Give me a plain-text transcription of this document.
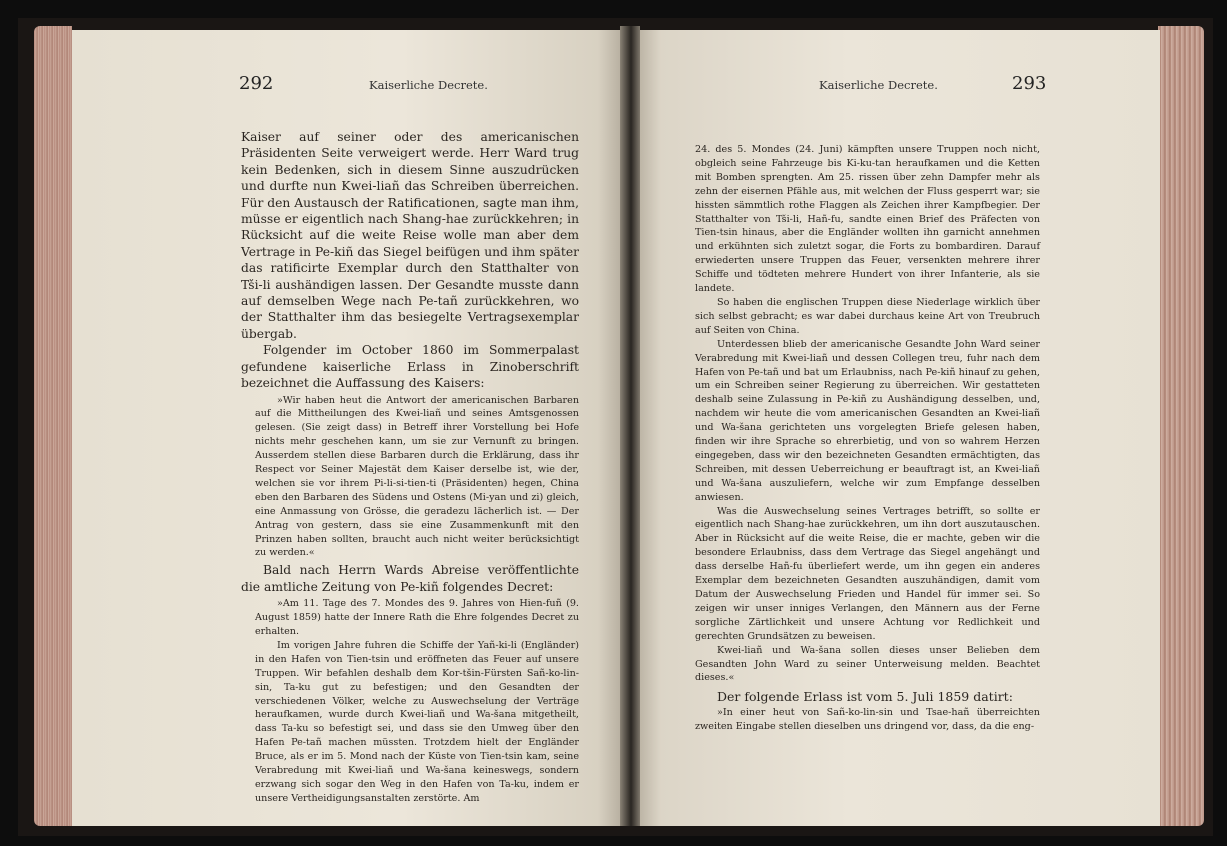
292	Kaiserliche Decrete.

Kaiser auf seiner oder des americanischen Präsidenten Seite verweigert werde. Herr Ward trug kein Bedenken, sich in diesem Sinne auszudrücken und durfte nun Kwei-liañ das Schreiben überreichen. Für den Austausch der Ratificationen, sagte man ihm, müsse er eigentlich nach Shang-hae zurückkehren; in Rücksicht auf die weite Reise wolle man aber dem Vertrage in Pe-kiñ das Siegel beifügen und ihm später das ratificirte Exemplar durch den Statthalter von Tši-li aushändigen lassen. Der Gesandte musste dann auf demselben Wege nach Pe-tañ zurückkehren, wo der Statthalter ihm das besiegelte Vertragsexemplar übergab.

Folgender im October 1860 im Sommerpalast gefundene kaiserliche Erlass in Zinoberschrift bezeichnet die Auffassung des Kaisers:

»Wir haben heut die Antwort der americanischen Barbaren auf die Mittheilungen des Kwei-liañ und seines Amtsgenossen gelesen. (Sie zeigt dass) in Betreff ihrer Vorstellung bei Hofe nichts mehr geschehen kann, um sie zur Vernunft zu bringen. Ausserdem stellen diese Barbaren durch die Erklärung, dass ihr Respect vor Seiner Majestät dem Kaiser derselbe ist, wie der, welchen sie vor ihrem Pi-li-si-tien-ti (Präsidenten) hegen, China eben den Barbaren des Südens und Ostens (Mi-yan und zi) gleich, eine Anmassung von Grösse, die geradezu lächerlich ist. — Der Antrag von gestern, dass sie eine Zusammenkunft mit den Prinzen haben sollten, braucht auch nicht weiter berücksichtigt zu werden.«

Bald nach Herrn Wards Abreise veröffentlichte die amtliche Zeitung von Pe-kiñ folgendes Decret:

»Am 11. Tage des 7. Mondes des 9. Jahres von Hien-fuñ (9. August 1859) hatte der Innere Rath die Ehre folgendes Decret zu erhalten.

Im vorigen Jahre fuhren die Schiffe der Yañ-ki-li (Engländer) in den Hafen von Tien-tsin und eröffneten das Feuer auf unsere Truppen. Wir befahlen deshalb dem Kor-tšin-Fürsten Sañ-ko-lin-sin, Ta-ku gut zu befestigen; und den Gesandten der verschiedenen Völker, welche zu Auswechselung der Verträge heraufkamen, wurde durch Kwei-liañ und Wa-šana mitgetheilt, dass Ta-ku so befestigt sei, und dass sie den Umweg über den Hafen Pe-tañ machen müssten. Trotzdem hielt der Engländer Bruce, als er im 5. Mond nach der Küste von Tien-tsin kam, seine Verabredung mit Kwei-liañ und Wa-šana keineswegs, sondern erzwang sich sogar den Weg in den Hafen von Ta-ku, indem er unsere Vertheidigungsanstalten zerstörte. Am

Kaiserliche Decrete.	293

24. des 5. Mondes (24. Juni) kämpften unsere Truppen noch nicht, obgleich seine Fahrzeuge bis Ki-ku-tan heraufkamen und die Ketten mit Bomben sprengten. Am 25. rissen über zehn Dampfer mehr als zehn der eisernen Pfähle aus, mit welchen der Fluss gesperrt war; sie hissten sämmtlich rothe Flaggen als Zeichen ihrer Kampfbegier. Der Statthalter von Tši-li, Hañ-fu, sandte einen Brief des Präfecten von Tien-tsin hinaus, aber die Engländer wollten ihn garnicht annehmen und erkühnten sich zuletzt sogar, die Forts zu bombardiren. Darauf erwiederten unsere Truppen das Feuer, versenkten mehrere ihrer Schiffe und tödteten mehrere Hundert von ihrer Infanterie, als sie landete.

So haben die englischen Truppen diese Niederlage wirklich über sich selbst gebracht; es war dabei durchaus keine Art von Treubruch auf Seiten von China.

Unterdessen blieb der americanische Gesandte John Ward seiner Verabredung mit Kwei-liañ und dessen Collegen treu, fuhr nach dem Hafen von Pe-tañ und bat um Erlaubniss, nach Pe-kiñ hinauf zu gehen, um ein Schreiben seiner Regierung zu überreichen. Wir gestatteten deshalb seine Zulassung in Pe-kiñ zu Aushändigung desselben, und, nachdem wir heute die vom americanischen Gesandten an Kwei-liañ und Wa-šana gerichteten uns vorgelegten Briefe gelesen haben, finden wir ihre Sprache so ehrerbietig, und von so wahrem Herzen eingegeben, dass wir den bezeichneten Gesandten ermächtigten, das Schreiben, mit dessen Ueberreichung er beauftragt ist, an Kwei-liañ und Wa-šana auszuliefern, welche wir zum Empfange desselben anwiesen.

Was die Auswechselung seines Vertrages betrifft, so sollte er eigentlich nach Shang-hae zurückkehren, um ihn dort auszutauschen. Aber in Rücksicht auf die weite Reise, die er machte, geben wir die besondere Erlaubniss, dass dem Vertrage das Siegel angehängt und dass derselbe Hañ-fu überliefert werde, um ihn gegen ein anderes Exemplar dem bezeichneten Gesandten auszuhändigen, damit vom Datum der Auswechselung Frieden und Handel für immer sei. So zeigen wir unser inniges Verlangen, den Männern aus der Ferne sorgliche Zärtlichkeit und unsere Achtung vor Redlichkeit und gerechten Grundsätzen zu beweisen.

Kwei-liañ und Wa-šana sollen dieses unser Belieben dem Gesandten John Ward zu seiner Unterweisung melden. Beachtet dieses.«

Der folgende Erlass ist vom 5. Juli 1859 datirt:

»In einer heut von Sañ-ko-lin-sin und Tsae-hañ überreichten zweiten Eingabe stellen dieselben uns dringend vor, dass, da die eng-
